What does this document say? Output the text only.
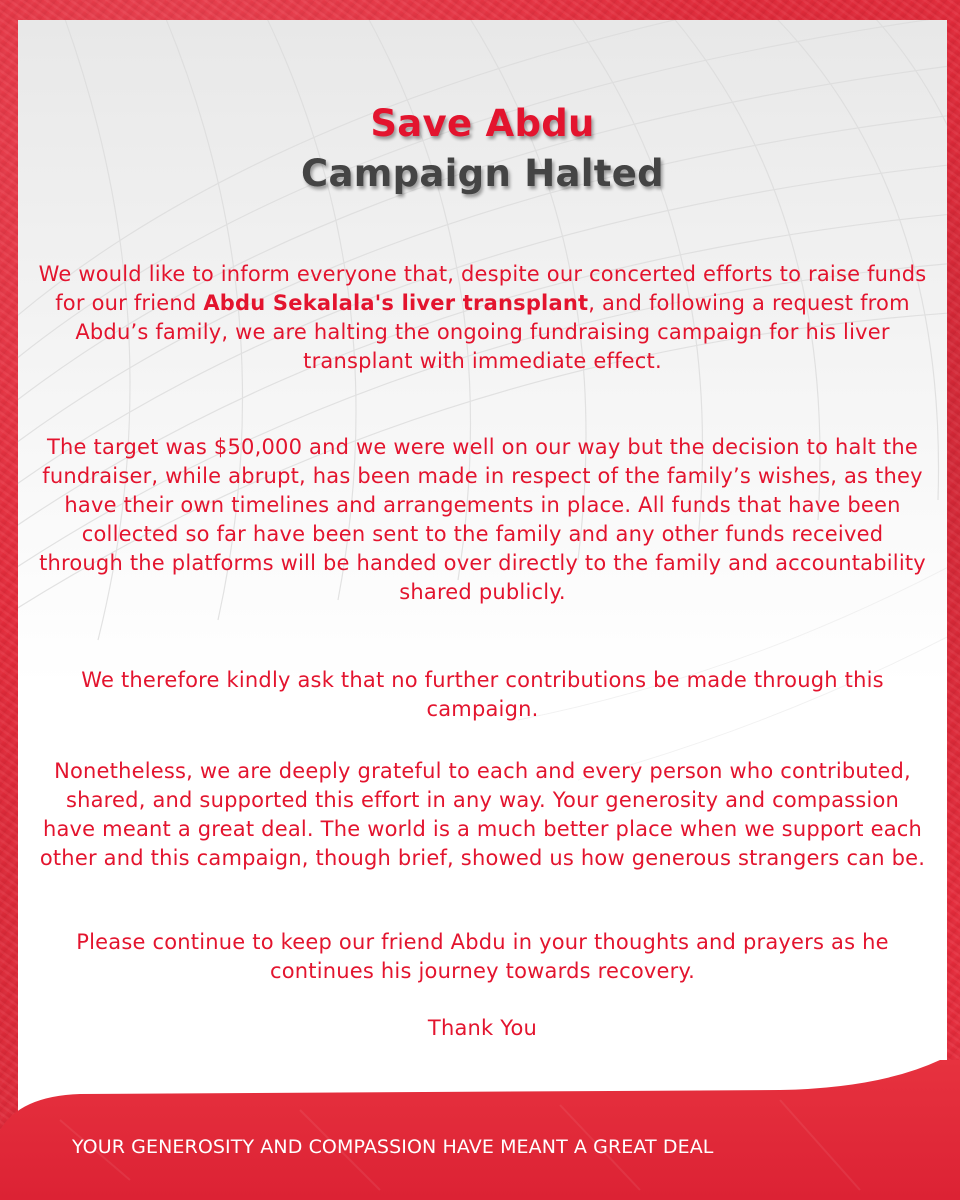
Save Abdu
Campaign Halted
We would like to inform everyone that, despite our concerted efforts to raise funds for our friend Abdu Sekalala's liver transplant, and following a request from Abdu’s family, we are halting the ongoing fundraising campaign for his liver transplant with immediate effect.
The target was $50,000 and we were well on our way but the decision to halt the fundraiser, while abrupt, has been made in respect of the family’s wishes, as they have their own timelines and arrangements in place. All funds that have been collected so far have been sent to the family and any other funds received through the platforms will be handed over directly to the family and accountability shared publicly.
We therefore kindly ask that no further contributions be made through this campaign.
Nonetheless, we are deeply grateful to each and every person who contributed, shared, and supported this effort in any way. Your generosity and compassion have meant a great deal. The world is a much better place when we support each other and this campaign, though brief, showed us how generous strangers can be.
Please continue to keep our friend Abdu in your thoughts and prayers as he continues his journey towards recovery.
Thank You
YOUR GENEROSITY AND COMPASSION HAVE MEANT A GREAT DEAL
